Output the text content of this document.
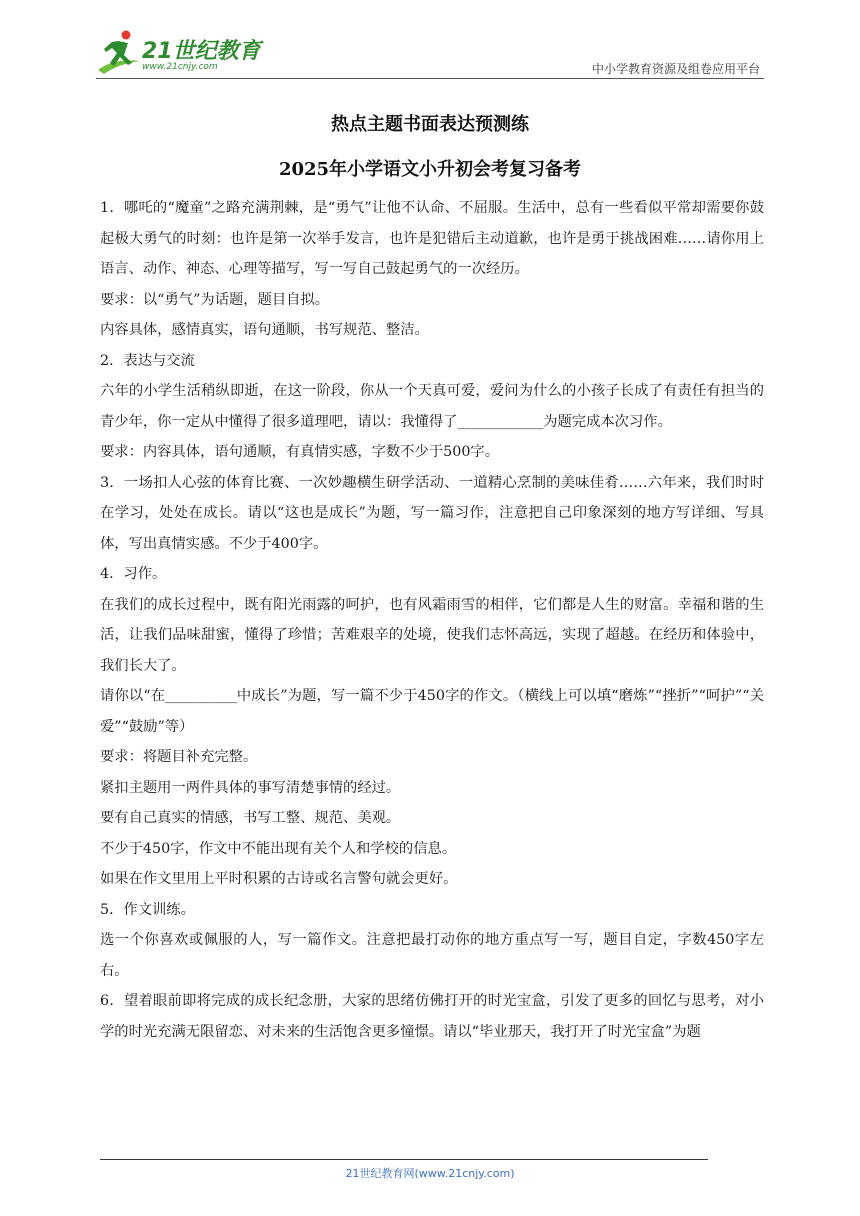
21世纪教育
www.21cnjy.com	中小学教育资源及组卷应用平台
热点主题书面表达预测练
2025年小学语文小升初会考复习备考

1．哪吒的“魔童”之路充满荆棘，是“勇气”让他不认命、不屈服。生活中，总有一些看似平常却需要你鼓起极大勇气的时刻：也许是第一次举手发言，也许是犯错后主动道歉，也许是勇于挑战困难……请你用上语言、动作、神态、心理等描写，写一写自己鼓起勇气的一次经历。

要求：以“勇气”为话题，题目自拟。

内容具体，感情真实，语句通顺，书写规范、整洁。

2．表达与交流

六年的小学生活稍纵即逝，在这一阶段，你从一个天真可爱，爱问为什么的小孩子长成了有责任有担当的青少年，你一定从中懂得了很多道理吧，请以：我懂得了____________为题完成本次习作。

要求：内容具体，语句通顺，有真情实感，字数不少于500字。

3．一场扣人心弦的体育比赛、一次妙趣横生研学活动、一道精心烹制的美味佳肴……六年来，我们时时在学习，处处在成长。请以“这也是成长”为题，写一篇习作，注意把自己印象深刻的地方写详细、写具体，写出真情实感。不少于400字。

4．习作。

在我们的成长过程中，既有阳光雨露的呵护，也有风霜雨雪的相伴，它们都是人生的财富。幸福和谐的生活，让我们品味甜蜜，懂得了珍惜；苦难艰辛的处境，使我们志怀高远，实现了超越。在经历和体验中，我们长大了。

请你以“在__________中成长”为题，写一篇不少于450字的作文。（横线上可以填“磨炼”“挫折”“呵护”“关爱”“鼓励”等）

要求：将题目补充完整。

紧扣主题用一两件具体的事写清楚事情的经过。

要有自己真实的情感，书写工整、规范、美观。

不少于450字，作文中不能出现有关个人和学校的信息。

如果在作文里用上平时积累的古诗或名言警句就会更好。

5．作文训练。

选一个你喜欢或佩服的人，写一篇作文。注意把最打动你的地方重点写一写，题目自定，字数450字左右。

6．望着眼前即将完成的成长纪念册，大家的思绪仿佛打开的时光宝盒，引发了更多的回忆与思考，对小学的时光充满无限留恋、对未来的生活饱含更多憧憬。请以“毕业那天，我打开了时光宝盒”为题

21世纪教育网(www.21cnjy.com)
